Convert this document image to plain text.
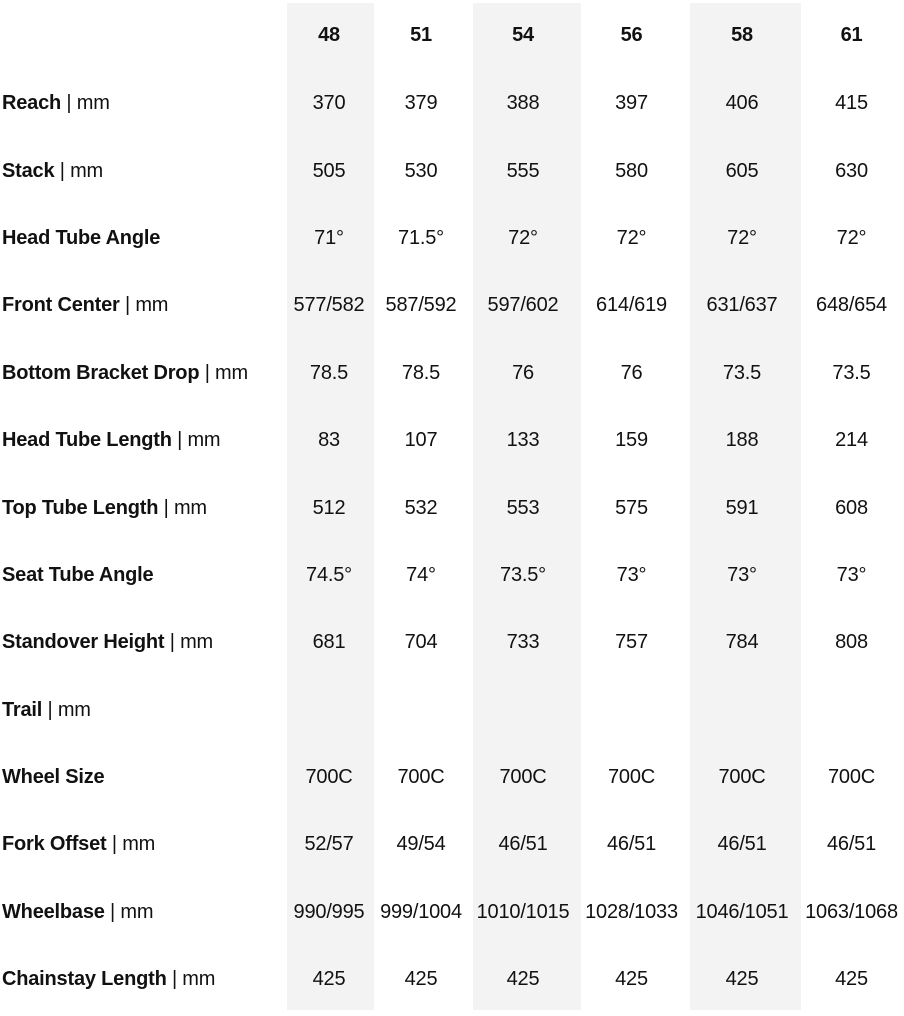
	48	51	54	56	58	61
Reach | mm	370	379	388	397	406	415
Stack | mm	505	530	555	580	605	630
Head Tube Angle	71°	71.5°	72°	72°	72°	72°
Front Center | mm	577/582	587/592	597/602	614/619	631/637	648/654
Bottom Bracket Drop | mm	78.5	78.5	76	76	73.5	73.5
Head Tube Length | mm	83	107	133	159	188	214
Top Tube Length | mm	512	532	553	575	591	608
Seat Tube Angle	74.5°	74°	73.5°	73°	73°	73°
Standover Height | mm	681	704	733	757	784	808
Trail | mm						
Wheel Size	700C	700C	700C	700C	700C	700C
Fork Offset | mm	52/57	49/54	46/51	46/51	46/51	46/51
Wheelbase | mm	990/995	999/1004	1010/1015	1028/1033	1046/1051	1063/1068
Chainstay Length | mm	425	425	425	425	425	425
